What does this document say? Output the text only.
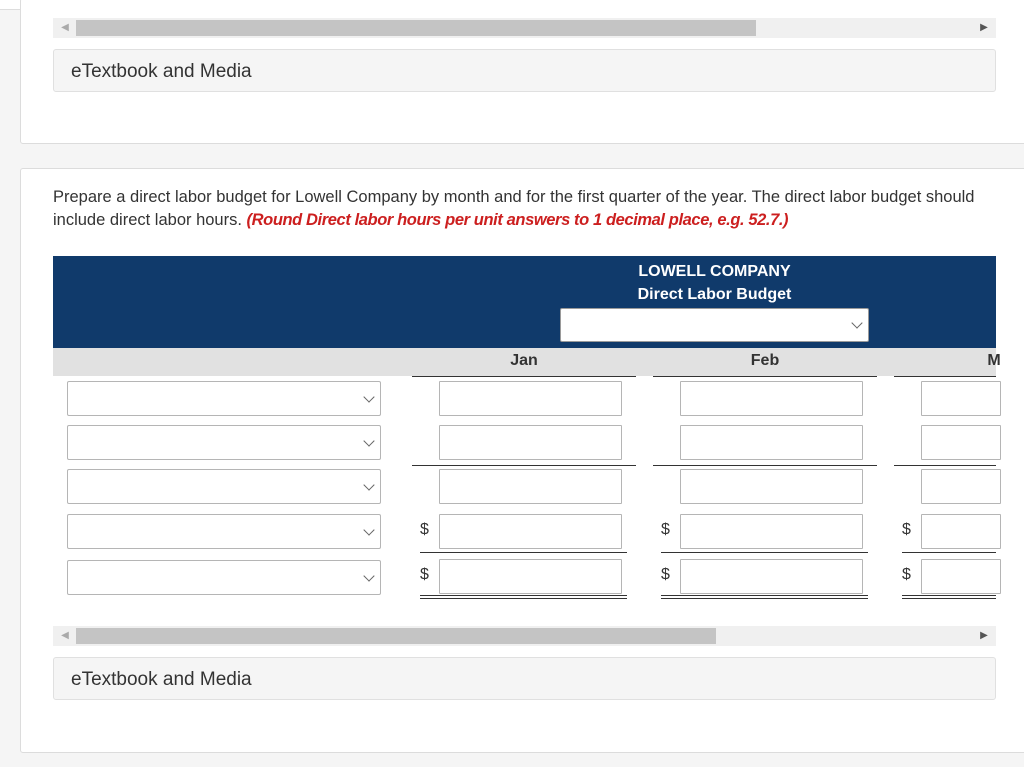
◀	▶
eTextbook and Media
Prepare a direct labor budget for Lowell Company by month and for the first quarter of the year. The direct labor budget should include direct labor hours. (Round Direct labor hours per unit answers to 1 decimal place, e.g. 52.7.)
LOWELL COMPANY
Direct Labor Budget
Jan	Feb	M
$	$	$
$	$	$
◀	▶
eTextbook and Media
